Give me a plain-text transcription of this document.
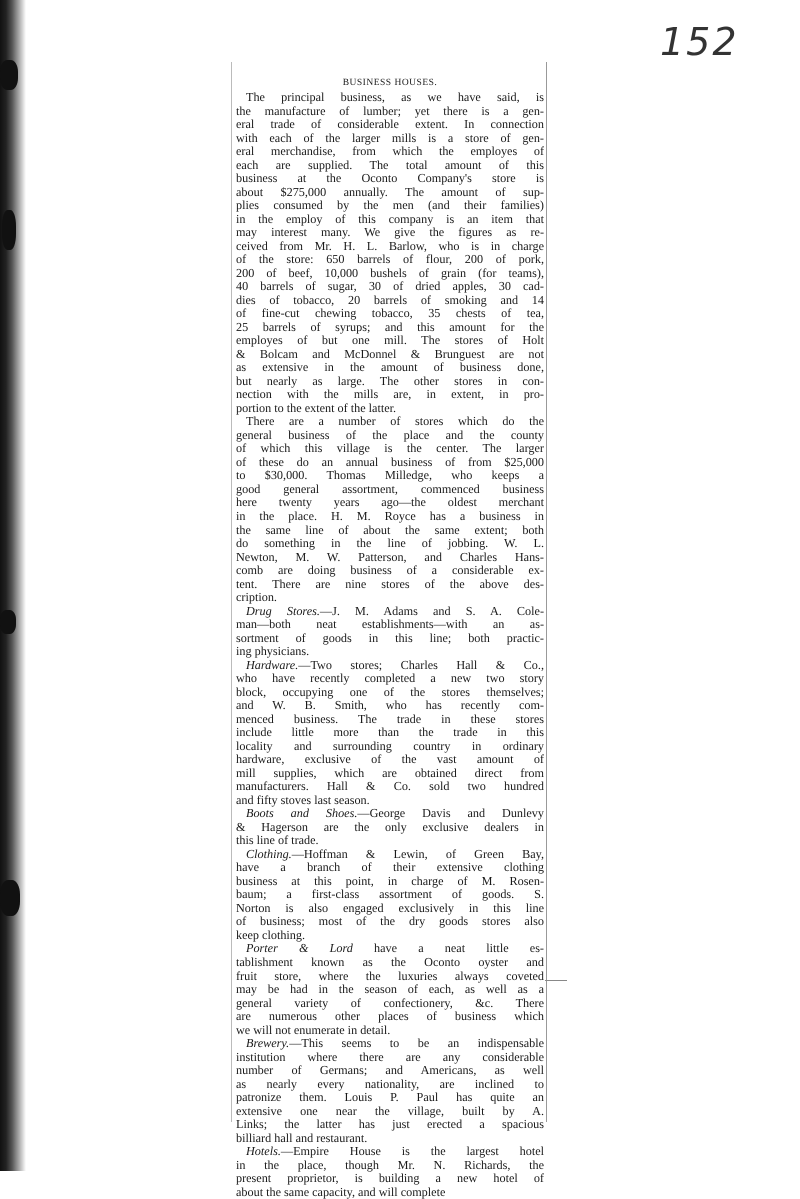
152
BUSINESS HOUSES.
The principal business, as we have said, is
the manufacture of lumber; yet there is a gen-
eral trade of considerable extent. In connection
with each of the larger mills is a store of gen-
eral merchandise, from which the employes of
each are supplied. The total amount of this
business at the Oconto Company's store is
about $275,000 annually. The amount of sup-
plies consumed by the men (and their families)
in the employ of this company is an item that
may interest many. We give the figures as re-
ceived from Mr. H. L. Barlow, who is in charge
of the store: 650 barrels of flour, 200 of pork,
200 of beef, 10,000 bushels of grain (for teams),
40 barrels of sugar, 30 of dried apples, 30 cad-
dies of tobacco, 20 barrels of smoking and 14
of fine-cut chewing tobacco, 35 chests of tea,
25 barrels of syrups; and this amount for the
employes of but one mill. The stores of Holt
& Bolcam and McDonnel & Brunguest are not
as extensive in the amount of business done,
but nearly as large. The other stores in con-
nection with the mills are, in extent, in pro-
portion to the extent of the latter.
There are a number of stores which do the
general business of the place and the county
of which this village is the center. The larger
of these do an annual business of from $25,000
to $30,000. Thomas Milledge, who keeps a
good general assortment, commenced business
here twenty years ago—the oldest merchant
in the place. H. M. Royce has a business in
the same line of about the same extent; both
do something in the line of jobbing. W. L.
Newton, M. W. Patterson, and Charles Hans-
comb are doing business of a considerable ex-
tent. There are nine stores of the above des-
cription.
Drug Stores.—J. M. Adams and S. A. Cole-
man—both neat establishments—with an as-
sortment of goods in this line; both practic-
ing physicians.
Hardware.—Two stores; Charles Hall & Co.,
who have recently completed a new two story
block, occupying one of the stores themselves;
and W. B. Smith, who has recently com-
menced business. The trade in these stores
include little more than the trade in this
locality and surrounding country in ordinary
hardware, exclusive of the vast amount of
mill supplies, which are obtained direct from
manufacturers. Hall & Co. sold two hundred
and fifty stoves last season.
Boots and Shoes.—George Davis and Dunlevy
& Hagerson are the only exclusive dealers in
this line of trade.
Clothing.—Hoffman & Lewin, of Green Bay,
have a branch of their extensive clothing
business at this point, in charge of M. Rosen-
baum; a first-class assortment of goods. S.
Norton is also engaged exclusively in this line
of business; most of the dry goods stores also
keep clothing.
Porter & Lord have a neat little es-
tablishment known as the Oconto oyster and
fruit store, where the luxuries always coveted
may be had in the season of each, as well as a
general variety of confectionery, &c. There
are numerous other places of business which
we will not enumerate in detail.
Brewery.—This seems to be an indispensable
institution where there are any considerable
number of Germans; and Americans, as well
as nearly every nationality, are inclined to
patronize them. Louis P. Paul has quite an
extensive one near the village, built by A.
Links; the latter has just erected a spacious
billiard hall and restaurant.
Hotels.—Empire House is the largest hotel
in the place, though Mr. N. Richards, the
present proprietor, is building a new hotel of
about the same capacity, and will complete
